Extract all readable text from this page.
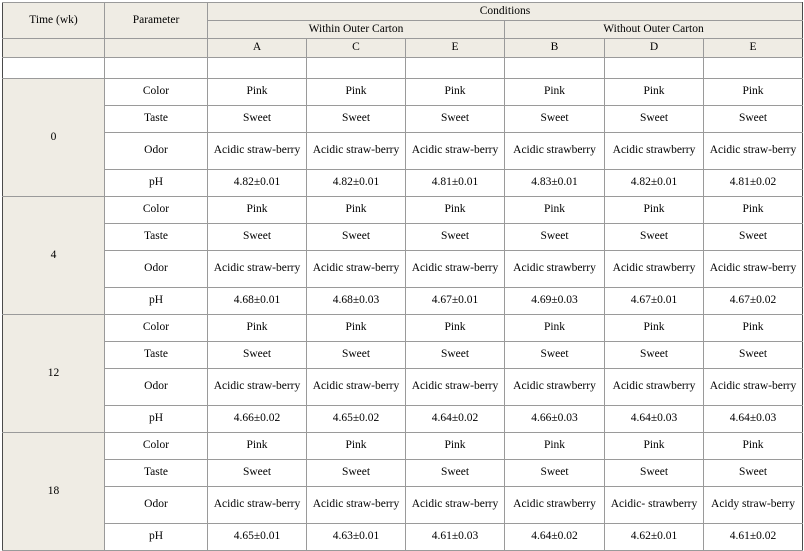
Time (wk)	Parameter	Conditions					
		Within Outer Carton			Without Outer Carton		
		A	C	E	B	D	E

0	Color	Pink	Pink	Pink	Pink	Pink	Pink
	Taste	Sweet	Sweet	Sweet	Sweet	Sweet	Sweet
	Odor	Acidic straw-berry	Acidic straw-berry	Acidic straw-berry	Acidic strawberry	Acidic strawberry	Acidic straw-berry
	pH	4.82±0.01	4.82±0.01	4.81±0.01	4.83±0.01	4.82±0.01	4.81±0.02
4	Color	Pink	Pink	Pink	Pink	Pink	Pink
	Taste	Sweet	Sweet	Sweet	Sweet	Sweet	Sweet
	Odor	Acidic straw-berry	Acidic straw-berry	Acidic straw-berry	Acidic strawberry	Acidic strawberry	Acidic straw-berry
	pH	4.68±0.01	4.68±0.03	4.67±0.01	4.69±0.03	4.67±0.01	4.67±0.02
12	Color	Pink	Pink	Pink	Pink	Pink	Pink
	Taste	Sweet	Sweet	Sweet	Sweet	Sweet	Sweet
	Odor	Acidic straw-berry	Acidic straw-berry	Acidic straw-berry	Acidic strawberry	Acidic strawberry	Acidic straw-berry
	pH	4.66±0.02	4.65±0.02	4.64±0.02	4.66±0.03	4.64±0.03	4.64±0.03
18	Color	Pink	Pink	Pink	Pink	Pink	Pink
	Taste	Sweet	Sweet	Sweet	Sweet	Sweet	Sweet
	Odor	Acidic straw-berry	Acidic straw-berry	Acidic straw-berry	Acidic strawberry	Acidic- strawberry	Acidy straw-berry
	pH	4.65±0.01	4.63±0.01	4.61±0.03	4.64±0.02	4.62±0.01	4.61±0.02
